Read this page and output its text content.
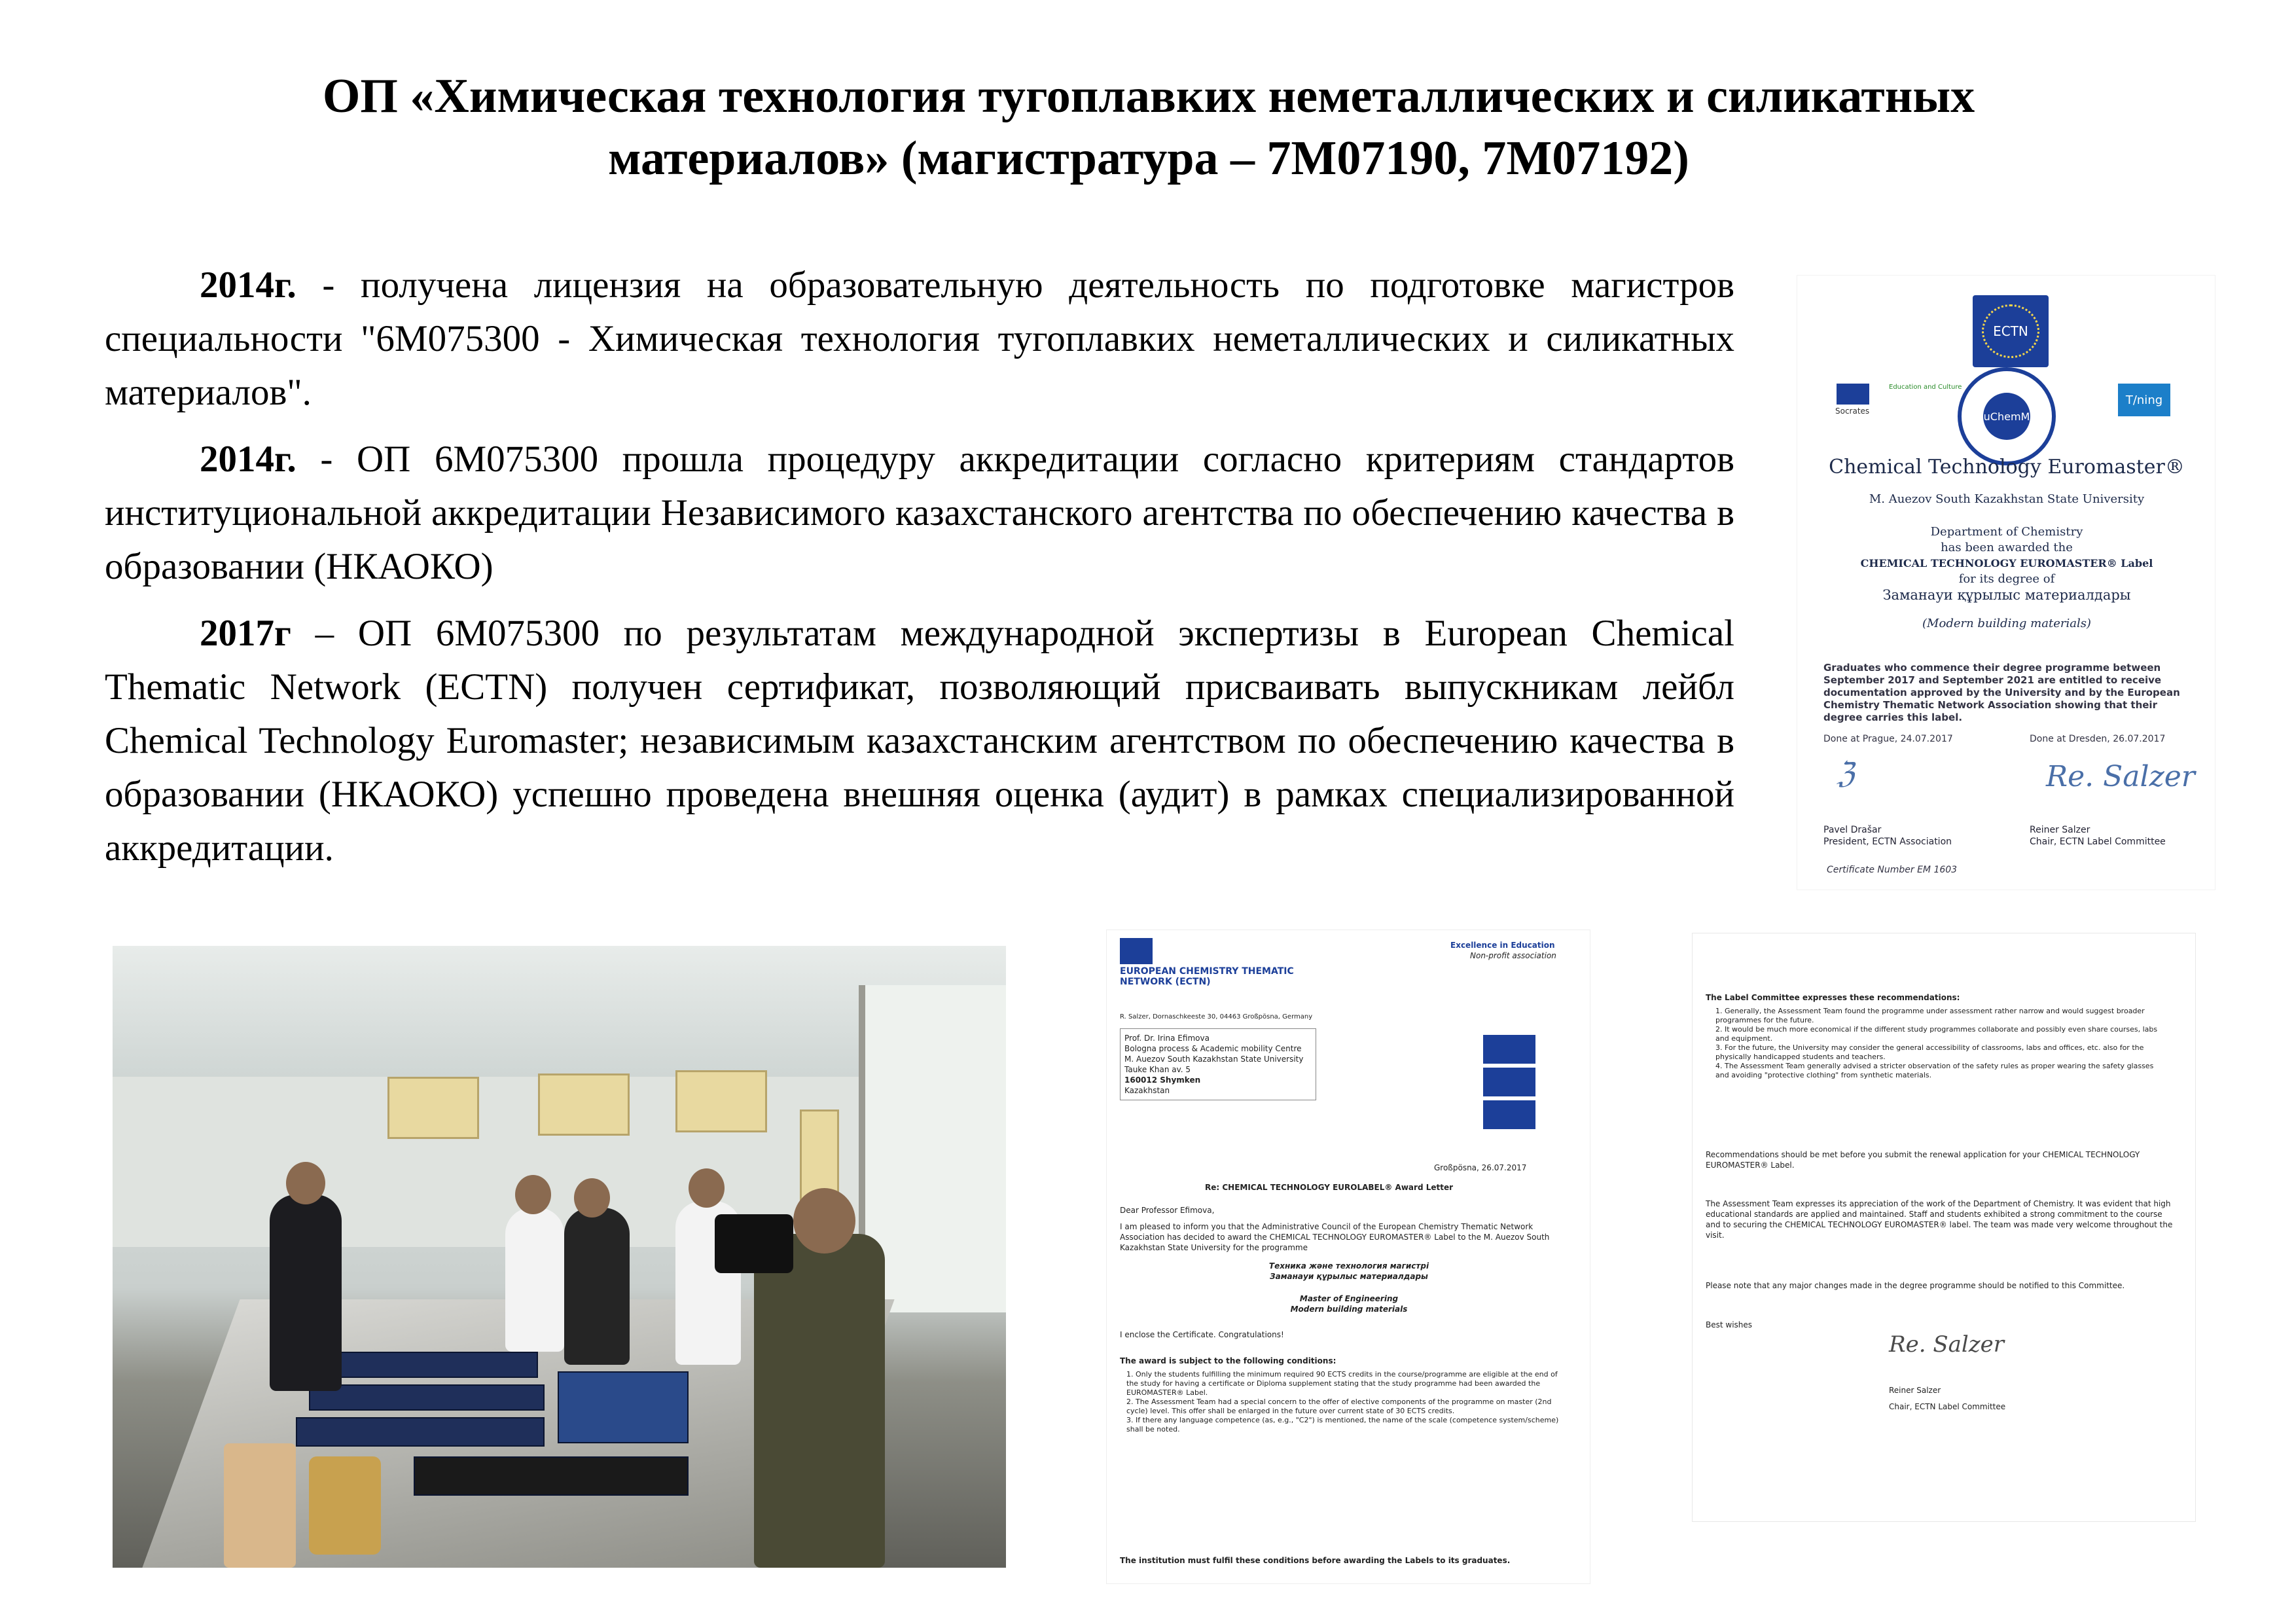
ОП «Химическая технология тугоплавких неметаллических и силикатных
материалов» (магистратура – 7М07190, 7М07192)

2014г. - получена лицензия на образовательную деятельность по подготовке магистров специальности "6М075300 - Химическая технология тугоплавких неметаллических и силикатных материалов".

2014г. - ОП 6М075300 прошла процедуру аккредитации согласно критериям стандартов институциональной аккредитации Независимого казахстанского агентства по обеспечению качества в образовании (НКАОКО)

2017г – ОП 6М075300 по результатам международной экспертизы в European Chemical Thematic Network (ECTN) получен сертификат, позволяющий присваивать выпускникам лейбл Chemical Technology Euromaster; независимым казахстанским агентством по обеспечению качества в образовании (НКАОКО) успешно проведена внешняя оценка (аудит) в рамках специализированной аккредитации.

ECTN
Socrates
Education and Culture
EuChemMS
T/ning
Chemical Technology Euromaster®
M. Auezov South Kazakhstan State University
Department of Chemistry
has been awarded the
CHEMICAL TECHNOLOGY EUROMASTER® Label
for its degree of
Заманауи құрылыс материалдары
(Modern building materials)
Graduates who commence their degree programme between September 2017 and September 2021 are entitled to receive documentation approved by the University and by the European Chemistry Thematic Network Association showing that their degree carries this label.
Done at Prague, 24.07.2017	Done at Dresden, 26.07.2017
ℨ	Re. Salzer
Pavel Drašar
President, ECTN Association
Reiner Salzer
Chair, ECTN Label Committee
Certificate Number EM 1603
EUROPEAN CHEMISTRY THEMATIC NETWORK (ECTN)
Excellence in Education
Non-profit association
R. Salzer, Dornaschkeeste 30, 04463 Großpösna, Germany
Prof. Dr. Irina Efimova
Bologna process & Academic mobility Centre
M. Auezov South Kazakhstan State University
Tauke Khan av. 5
160012 Shymken
Kazakhstan
Großpösna, 26.07.2017
Re: CHEMICAL TECHNOLOGY EUROLABEL® Award Letter
Dear Professor Efimova,
I am pleased to inform you that the Administrative Council of the European Chemistry Thematic Network Association has decided to award the CHEMICAL TECHNOLOGY EUROMASTER® Label to the M. Auezov South Kazakhstan State University for the programme
Техника және технология магистрі
Заманауи құрылыс материалдары
Master of Engineering
Modern building materials
I enclose the Certificate. Congratulations!
The award is subject to the following conditions:
1. Only the students fulfilling the minimum required 90 ECTS credits in the course/programme are eligible at the end of the study for having a certificate or Diploma supplement stating that the study programme had been awarded the EUROMASTER® Label.
2. The Assessment Team had a special concern to the offer of elective components of the programme on master (2nd cycle) level. This offer shall be enlarged in the future over current state of 30 ECTS credits.
3. If there any language competence (as, e.g., "C2") is mentioned, the name of the scale (competence system/scheme) shall be noted.
The institution must fulfil these conditions before awarding the Labels to its graduates.
The Label Committee expresses these recommendations:
1. Generally, the Assessment Team found the programme under assessment rather narrow and would suggest broader programmes for the future.
2. It would be much more economical if the different study programmes collaborate and possibly even share courses, labs and equipment.
3. For the future, the University may consider the general accessibility of classrooms, labs and offices, etc. also for the physically handicapped students and teachers.
4. The Assessment Team generally advised a stricter observation of the safety rules as proper wearing the safety glasses and avoiding "protective clothing" from synthetic materials.
Recommendations should be met before you submit the renewal application for your CHEMICAL TECHNOLOGY EUROMASTER® Label.
The Assessment Team expresses its appreciation of the work of the Department of Chemistry. It was evident that high educational standards are applied and maintained. Staff and students exhibited a strong commitment to the course and to securing the CHEMICAL TECHNOLOGY EUROMASTER® label. The team was made very welcome throughout the visit.
Please note that any major changes made in the degree programme should be notified to this Committee.
Best wishes
Re. Salzer
Reiner Salzer
Chair, ECTN Label Committee
